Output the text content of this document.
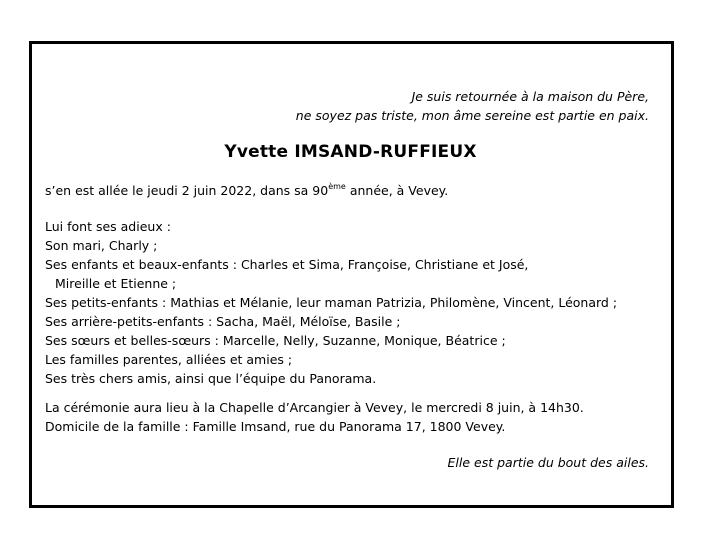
Je suis retournée à la maison du Père,
ne soyez pas triste, mon âme sereine est partie en paix.
Yvette IMSAND-RUFFIEUX
s’en est allée le jeudi 2 juin 2022, dans sa 90ème année, à Vevey.
Lui font ses adieux :
Son mari, Charly ;
Ses enfants et beaux-enfants : Charles et Sima, Françoise, Christiane et José,
Mireille et Etienne ;
Ses petits-enfants : Mathias et Mélanie, leur maman Patrizia, Philomène, Vincent, Léonard ;
Ses arrière-petits-enfants : Sacha, Maël, Méloïse, Basile ;
Ses sœurs et belles-sœurs : Marcelle, Nelly, Suzanne, Monique, Béatrice ;
Les familles parentes, alliées et amies ;
Ses très chers amis, ainsi que l’équipe du Panorama.
La cérémonie aura lieu à la Chapelle d’Arcangier à Vevey, le mercredi 8 juin, à 14h30.
Domicile de la famille : Famille Imsand, rue du Panorama 17, 1800 Vevey.
Elle est partie du bout des ailes.
